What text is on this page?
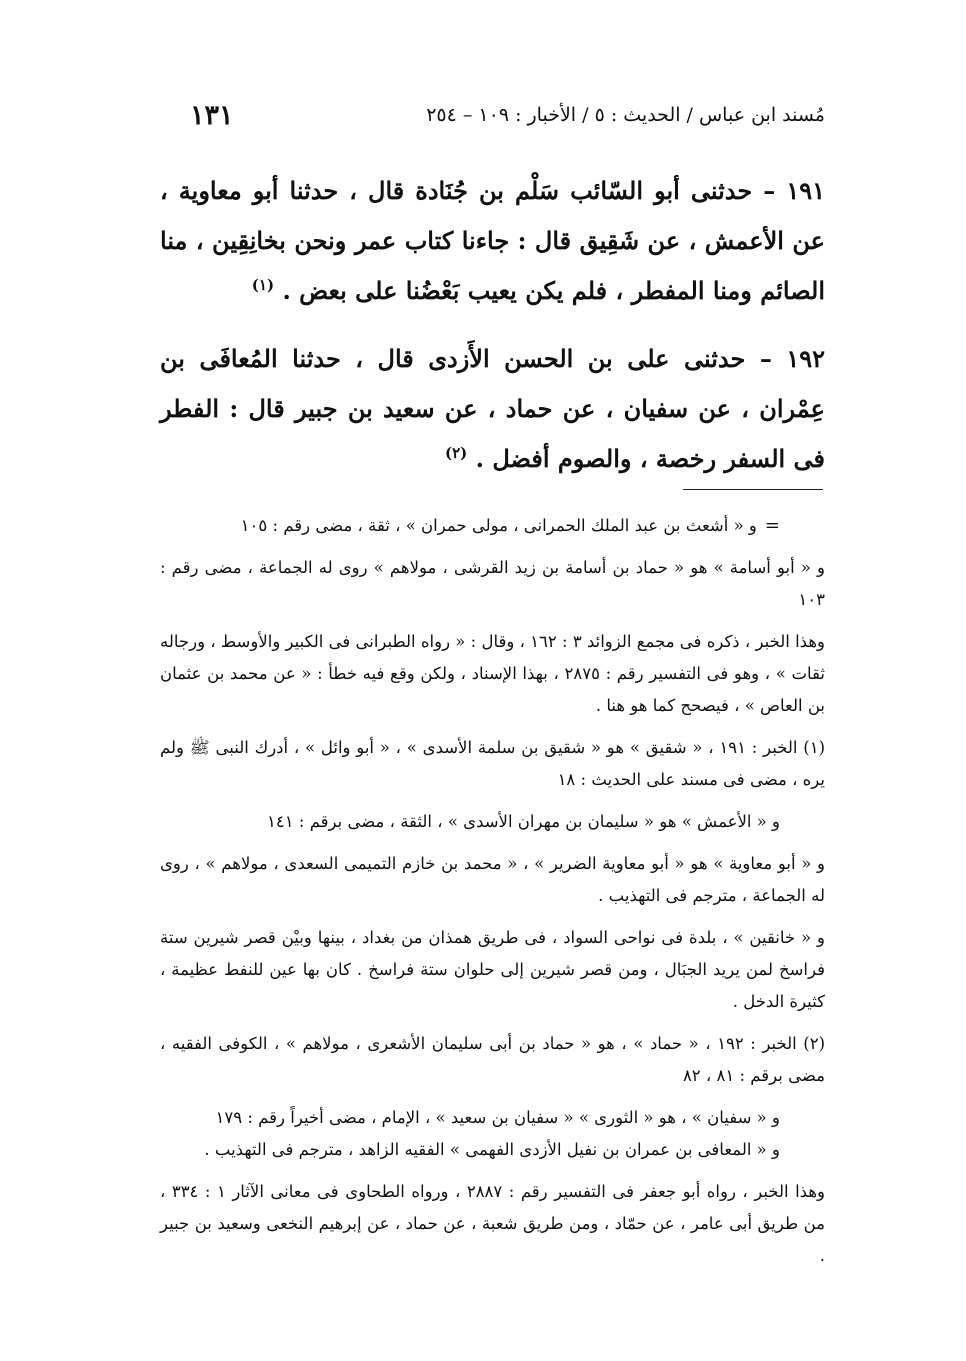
١٣١	مُسند ابن عباس / الحديث : ٥ / الأخبار : ١٠٩ – ٢٥٤

١٩١ – حدثنى أبو السّائب سَلْم بن جُنَادة قال ، حدثنا أبو معاوية ، عن الأعمش ، عن شَقِيق قال : جاءنا كتاب عمر ونحن بخانِقِين ، منا الصائم ومنا المفطر ، فلم يكن يعيب بَعْضُنا على بعض . $^{(١)}$

١٩٢ – حدثنى على بن الحسن الأَزدى قال ، حدثنا المُعافَى بن عِمْران ، عن سفيان ، عن حماد ، عن سعيد بن جبير قال : الفطر فى السفر رخصة ، والصوم أفضل . $^{(٢)}$

=
و « أشعث بن عبد الملك الحمرانى ، مولى حمران » ، ثقة ، مضى رقم : ١٠٥

و « أبو أسامة » هو « حماد بن أسامة بن زيد القرشى ، مولاهم » روى له الجماعة ، مضى رقم : ١٠٣

وهذا الخبر ، ذكره فى مجمع الزوائد ٣ : ١٦٢ ، وقال : « رواه الطبرانى فى الكبير والأوسط ، ورجاله ثقات » ، وهو فى التفسير رقم : ٢٨٧٥ ، بهذا الإسناد ، ولكن وقع فيه خطأ : « عن محمد بن عثمان بن العاص » ، فيصحح كما هو هنا .

(١) الخبر : ١٩١ ، « شقيق » هو « شقيق بن سلمة الأسدى » ، « أبو وائل » ، أدرك النبى ﷺ ولم يره ، مضى فى مسند على الحديث : ١٨

و « الأعمش » هو « سليمان بن مهران الأسدى » ، الثقة ، مضى برقم : ١٤١

و « أبو معاوية » هو « أبو معاوية الضرير » ، « محمد بن خازم التميمى السعدى ، مولاهم » ، روى له الجماعة ، مترجم فى التهذيب .

و « خانقين » ، بلدة فى نواحى السواد ، فى طريق همذان من بغداد ، بينها وبيْن قصر شيرين ستة فراسخ لمن يريد الجبَال ، ومن قصر شيرين إلى حلوان ستة فراسخ . كان بها عين للنفط عظيمة ، كثيرة الدخل .

(٢) الخبر : ١٩٢ ، « حماد » ، هو « حماد بن أبى سليمان الأشعرى ، مولاهم » ، الكوفى الفقيه ، مضى برقم : ٨١ ، ٨٢

و « سفيان » ، هو « الثورى » « سفيان بن سعيد » ، الإمام ، مضى أخيراً رقم : ١٧٩

و « المعافى بن عمران بن نفيل الأزدى الفهمى » الفقيه الزاهد ، مترجم فى التهذيب .

وهذا الخبر ، رواه أبو جعفر فى التفسير رقم : ٢٨٨٧ ، ورواه الطحاوى فى معانى الآثار ١ : ٣٣٤ ، من طريق أبى عامر ، عن حمّاد ، ومن طريق شعبة ، عن حماد ، عن إبرهيم النخعى وسعيد بن جبير .
